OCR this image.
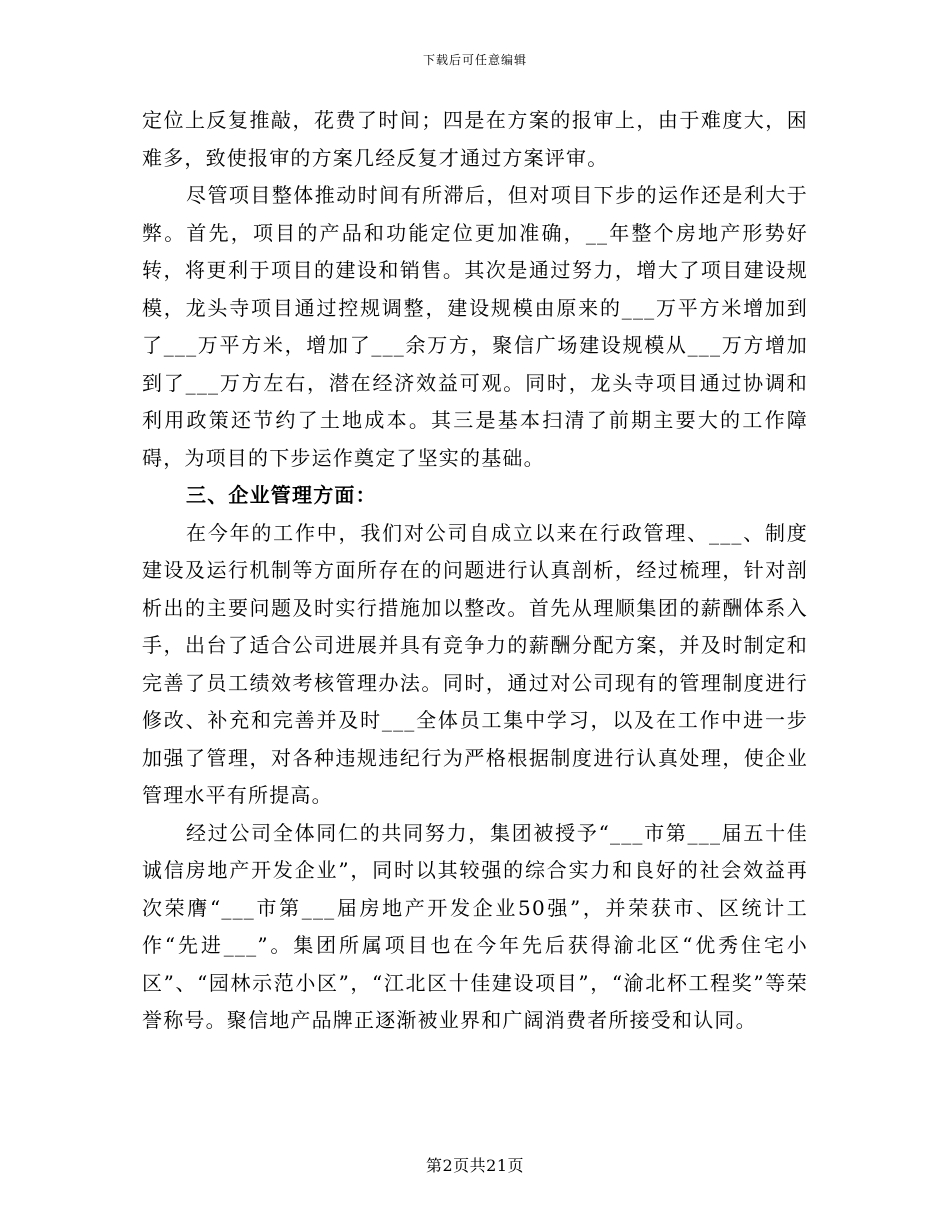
下载后可任意编辑

定位上反复推敲，花费了时间；四是在方案的报审上，由于难度大，困难多，致使报审的方案几经反复才通过方案评审。

尽管项目整体推动时间有所滞后，但对项目下步的运作还是利大于弊。首先，项目的产品和功能定位更加准确，__年整个房地产形势好转，将更利于项目的建设和销售。其次是通过努力，增大了项目建设规模，龙头寺项目通过控规调整，建设规模由原来的___万平方米增加到了___万平方米，增加了___余万方，聚信广场建设规模从___万方增加到了___万方左右，潜在经济效益可观。同时，龙头寺项目通过协调和利用政策还节约了土地成本。其三是基本扫清了前期主要大的工作障碍，为项目的下步运作奠定了坚实的基础。

三、企业管理方面：

在今年的工作中，我们对公司自成立以来在行政管理、___、制度建设及运行机制等方面所存在的问题进行认真剖析，经过梳理，针对剖析出的主要问题及时实行措施加以整改。首先从理顺集团的薪酬体系入手，出台了适合公司进展并具有竞争力的薪酬分配方案，并及时制定和完善了员工绩效考核管理办法。同时，通过对公司现有的管理制度进行修改、补充和完善并及时___全体员工集中学习，以及在工作中进一步加强了管理，对各种违规违纪行为严格根据制度进行认真处理，使企业管理水平有所提高。

经过公司全体同仁的共同努力，集团被授予“___市第___届五十佳诚信房地产开发企业”，同时以其较强的综合实力和良好的社会效益再次荣膺“___市第___届房地产开发企业50强”，并荣获市、区统计工作“先进___”。集团所属项目也在今年先后获得渝北区“优秀住宅小区”、“园林示范小区”，“江北区十佳建设项目”，“渝北杯工程奖”等荣誉称号。聚信地产品牌正逐渐被业界和广阔消费者所接受和认同。

第2页共21页
